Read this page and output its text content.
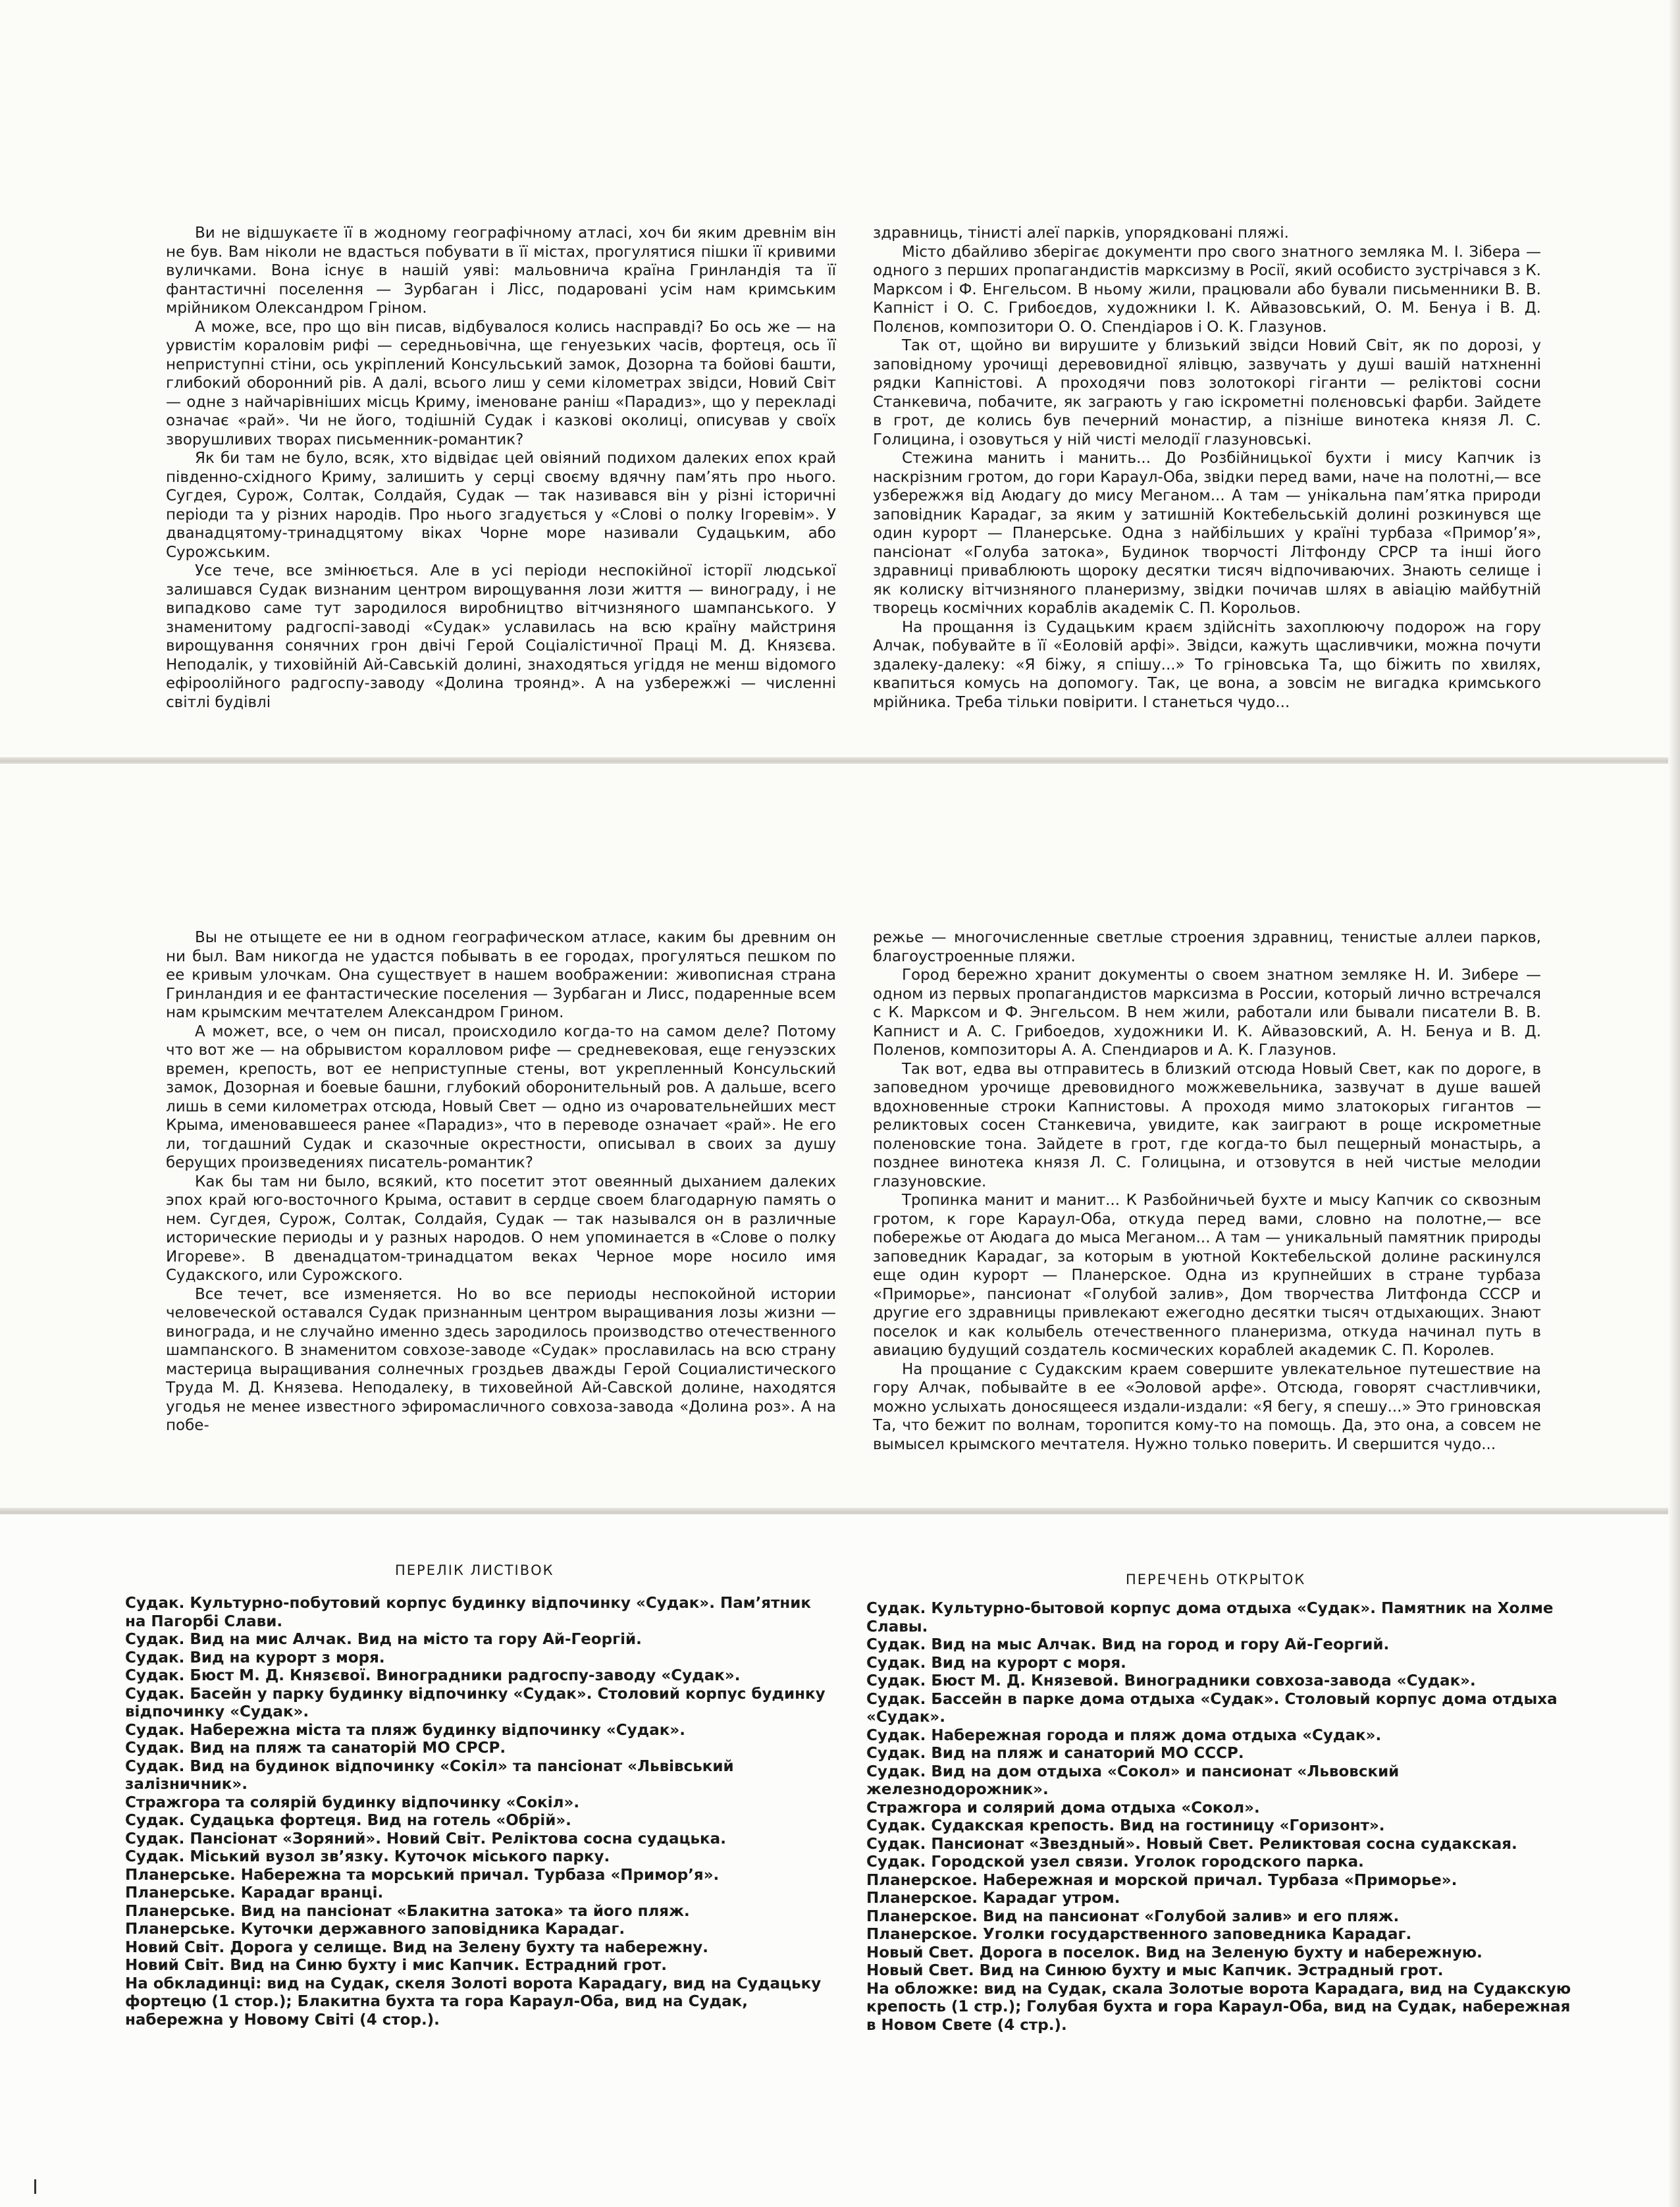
Ви не відшукаєте її в жодному географічному атласі, хоч би яким древнім він не був. Вам ніколи не вдасться побувати в її містах, прогулятися пішки її кривими вуличками. Вона існує в нашій уяві: мальовнича країна Гринландія та її фантастичні поселення — Зурбаган і Лісс, подаровані усім нам кримським мрійником Олександром Гріном.

А може, все, про що він писав, відбувалося колись насправді? Бо ось же — на урвистім кораловім рифі — середньовічна, ще генуезьких часів, фортеця, ось її неприступні стіни, ось укріплений Консульський замок, Дозорна та бойові башти, глибокий оборонний рів. А далі, всього лиш у семи кілометрах звідси, Новий Світ — одне з найчарівніших місць Криму, іменоване раніш «Парадиз», що у перекладі означає «рай». Чи не його, тодішній Судак і казкові околиці, описував у своїх зворушливих творах письменник-романтик?

Як би там не було, всяк, хто відвідає цей овіяний подихом далеких епох край південно-східного Криму, залишить у серці своєму вдячну пам’ять про нього. Сугдея, Сурож, Солтак, Солдайя, Судак — так називався він у різні історичні періоди та у різних народів. Про нього згадується у «Слові о полку Ігоревім». У дванадцятому-тринадцятому віках Чорне море називали Судацьким, або Сурожським.

Усе тече, все змінюється. Але в усі періоди неспокійної історії людської залишався Судак визнаним центром вирощування лози життя — винограду, і не випадково саме тут зародилося виробництво вітчизняного шампанського. У знаменитому радгоспі-заводі «Судак» уславилась на всю країну майстриня вирощування сонячних грон двічі Герой Соціалістичної Праці М. Д. Князєва. Неподалік, у тиховійній Ай-Савській долині, знаходяться угіддя не менш відомого ефіроолійного радгоспу-заводу «Долина троянд». А на узбережжі — численні світлі будівлі

здравниць, тінисті алеї парків, упорядковані пляжі.

Місто дбайливо зберігає документи про свого знатного земляка М. І. Зібера — одного з перших пропагандистів марксизму в Росії, який особисто зустрічався з К. Марксом і Ф. Енгельсом. В ньому жили, працювали або бували письменники В. В. Капніст і О. С. Грибоєдов, художники І. К. Айвазовський, О. М. Бенуа і В. Д. Полєнов, композитори О. О. Спендіаров і О. К. Глазунов.

Так от, щойно ви вирушите у близький звідси Новий Світ, як по дорозі, у заповідному урочищі деревовидної ялівцю, зазвучать у душі вашій натхненні рядки Капністові. А проходячи повз золотокорі гіганти — реліктові сосни Станкевича, побачите, як заграють у гаю іскрометні полєновські фарби. Зайдете в грот, де колись був печерний монастир, а пізніше винотека князя Л. С. Голицина, і озовуться у ній чисті мелодії глазуновські.

Стежина манить і манить... До Розбійницької бухти і мису Капчик із наскрізним гротом, до гори Караул-Оба, звідки перед вами, наче на полотні,— все узбережжя від Аюдагу до мису Меганом... А там — унікальна пам’ятка природи заповідник Карадаг, за яким у затишній Коктебельській долині розкинувся ще один курорт — Планерське. Одна з найбільших у країні турбаза «Примор’я», пансіонат «Голуба затока», Будинок творчості Літфонду СРСР та інші його здравниці приваблюють щороку десятки тисяч відпочиваючих. Знають селище і як колиску вітчизняного планеризму, звідки почичав шлях в авіацію майбутній творець космічних кораблів академік С. П. Корольов.

На прощання із Судацьким краєм здійсніть захоплюючу подорож на гору Алчак, побувайте в її «Еоловій арфі». Звідси, кажуть щасливчики, можна почути здалеку-далеку: «Я біжу, я спішу...» То гріновська Та, що біжить по хвилях, квапиться комусь на допомогу. Так, це вона, а зовсім не вигадка кримського мрійника. Треба тільки повірити. І станеться чудо...

Вы не отыщете ее ни в одном географическом атласе, каким бы древним он ни был. Вам никогда не удастся побывать в ее городах, прогуляться пешком по ее кривым улочкам. Она существует в нашем воображении: живописная страна Гринландия и ее фантастические поселения — Зурбаган и Лисс, подаренные всем нам крымским мечтателем Александром Грином.

А может, все, о чем он писал, происходило когда-то на самом деле? Потому что вот же — на обрывистом коралловом рифе — средневековая, еще генуэзских времен, крепость, вот ее неприступные стены, вот укрепленный Консульский замок, Дозорная и боевые башни, глубокий оборонительный ров. А дальше, всего лишь в семи километрах отсюда, Новый Свет — одно из очаровательнейших мест Крыма, именовавшееся ранее «Парадиз», что в переводе означает «рай». Не его ли, тогдашний Судак и сказочные окрестности, описывал в своих за душу берущих произведениях писатель-романтик?

Как бы там ни было, всякий, кто посетит этот овеянный дыханием далеких эпох край юго-восточного Крыма, оставит в сердце своем благодарную память о нем. Сугдея, Сурож, Солтак, Солдайя, Судак — так назывался он в различные исторические периоды и у разных народов. О нем упоминается в «Слове о полку Игореве». В двенадцатом-тринадцатом веках Черное море носило имя Судакского, или Сурожского.

Все течет, все изменяется. Но во все периоды неспокойной истории человеческой оставался Судак признанным центром выращивания лозы жизни — винограда, и не случайно именно здесь зародилось производство отечественного шампанского. В знаменитом совхозе-заводе «Судак» прославилась на всю страну мастерица выращивания солнечных гроздьев дважды Герой Социалистического Труда М. Д. Князева. Неподалеку, в тиховейной Ай-Савской долине, находятся угодья не менее известного эфиромасличного совхоза-завода «Долина роз». А на побе-

режье — многочисленные светлые строения здравниц, тенистые аллеи парков, благоустроенные пляжи.

Город бережно хранит документы о своем знатном земляке Н. И. Зибере — одном из первых пропагандистов марксизма в России, который лично встречался с К. Марксом и Ф. Энгельсом. В нем жили, работали или бывали писатели В. В. Капнист и А. С. Грибоедов, художники И. К. Айвазовский, А. Н. Бенуа и В. Д. Поленов, композиторы А. А. Спендиаров и А. К. Глазунов.

Так вот, едва вы отправитесь в близкий отсюда Новый Свет, как по дороге, в заповедном урочище древовидного можжевельника, зазвучат в душе вашей вдохновенные строки Капнистовы. А проходя мимо златокорых гигантов — реликтовых сосен Станкевича, увидите, как заиграют в роще искрометные поленовские тона. Зайдете в грот, где когда-то был пещерный монастырь, а позднее винотека князя Л. С. Голицына, и отзовутся в ней чистые мелодии глазуновские.

Тропинка манит и манит... К Разбойничьей бухте и мысу Капчик со сквозным гротом, к горе Караул-Оба, откуда перед вами, словно на полотне,— все побережье от Аюдага до мыса Меганом... А там — уникальный памятник природы заповедник Карадаг, за которым в уютной Коктебельской долине раскинулся еще один курорт — Планерское. Одна из крупнейших в стране турбаза «Приморье», пансионат «Голубой залив», Дом творчества Литфонда СССР и другие его здравницы привлекают ежегодно десятки тысяч отдыхающих. Знают поселок и как колыбель отечественного планеризма, откуда начинал путь в авиацию будущий создатель космических кораблей академик С. П. Королев.

На прощание с Судакским краем совершите увлекательное путешествие на гору Алчак, побывайте в ее «Эоловой арфе». Отсюда, говорят счастливчики, можно услыхать доносящееся издали-издали: «Я бегу, я спешу...» Это гриновская Та, что бежит по волнам, торопится кому-то на помощь. Да, это она, а совсем не вымысел крымского мечтателя. Нужно только поверить. И свершится чудо...

ПЕРЕЛІК ЛИСТІВОК
Судак. Культурно-побутовий корпус будинку відпочинку «Судак». Пам’ятник на Пагорбі Слави.
Судак. Вид на мис Алчак. Вид на місто та гору Ай-Георгій.
Судак. Вид на курорт з моря.
Судак. Бюст М. Д. Князєвої. Виноградники радгоспу-заводу «Судак».
Судак. Басейн у парку будинку відпочинку «Судак». Столовий корпус будинку відпочинку «Судак».
Судак. Набережна міста та пляж будинку відпочинку «Судак».
Судак. Вид на пляж та санаторій МО СРСР.
Судак. Вид на будинок відпочинку «Сокіл» та пансіонат «Львівський залізничник».
Стражгора та солярій будинку відпочинку «Сокіл».
Судак. Судацька фортеця. Вид на готель «Обрій».
Судак. Пансіонат «Зоряний». Новий Світ. Реліктова сосна судацька.
Судак. Міський вузол зв’язку. Куточок міського парку.
Планерське. Набережна та морський причал. Турбаза «Примор’я».
Планерське. Карадаг вранці.
Планерське. Вид на пансіонат «Блакитна затока» та його пляж.
Планерське. Куточки державного заповідника Карадаг.
Новий Світ. Дорога у селище. Вид на Зелену бухту та набережну.
Новий Світ. Вид на Синю бухту і мис Капчик. Естрадний грот.
На обкладинці: вид на Судак, скеля Золоті ворота Карадагу, вид на Судацьку фортецю (1 стор.); Блакитна бухта та гора Караул-Оба, вид на Судак, набережна у Новому Світі (4 стор.).
ПЕРЕЧЕНЬ ОТКРЫТОК
Судак. Культурно-бытовой корпус дома отдыха «Судак». Памятник на Холме Славы.
Судак. Вид на мыс Алчак. Вид на город и гору Ай-Георгий.
Судак. Вид на курорт с моря.
Судак. Бюст М. Д. Князевой. Виноградники совхоза-завода «Судак».
Судак. Бассейн в парке дома отдыха «Судак». Столовый корпус дома отдыха «Судак».
Судак. Набережная города и пляж дома отдыха «Судак».
Судак. Вид на пляж и санаторий МО СССР.
Судак. Вид на дом отдыха «Сокол» и пансионат «Львовский железнодорожник».
Стражгора и солярий дома отдыха «Сокол».
Судак. Судакская крепость. Вид на гостиницу «Горизонт».
Судак. Пансионат «Звездный». Новый Свет. Реликтовая сосна судакская.
Судак. Городской узел связи. Уголок городского парка.
Планерское. Набережная и морской причал. Турбаза «Приморье».
Планерское. Карадаг утром.
Планерское. Вид на пансионат «Голубой залив» и его пляж.
Планерское. Уголки государственного заповедника Карадаг.
Новый Свет. Дорога в поселок. Вид на Зеленую бухту и набережную.
Новый Свет. Вид на Синюю бухту и мыс Капчик. Эстрадный грот.
На обложке: вид на Судак, скала Золотые ворота Карадага, вид на Судакскую крепость (1 стр.); Голубая бухта и гора Караул-Оба, вид на Судак, набережная в Новом Свете (4 стр.).
